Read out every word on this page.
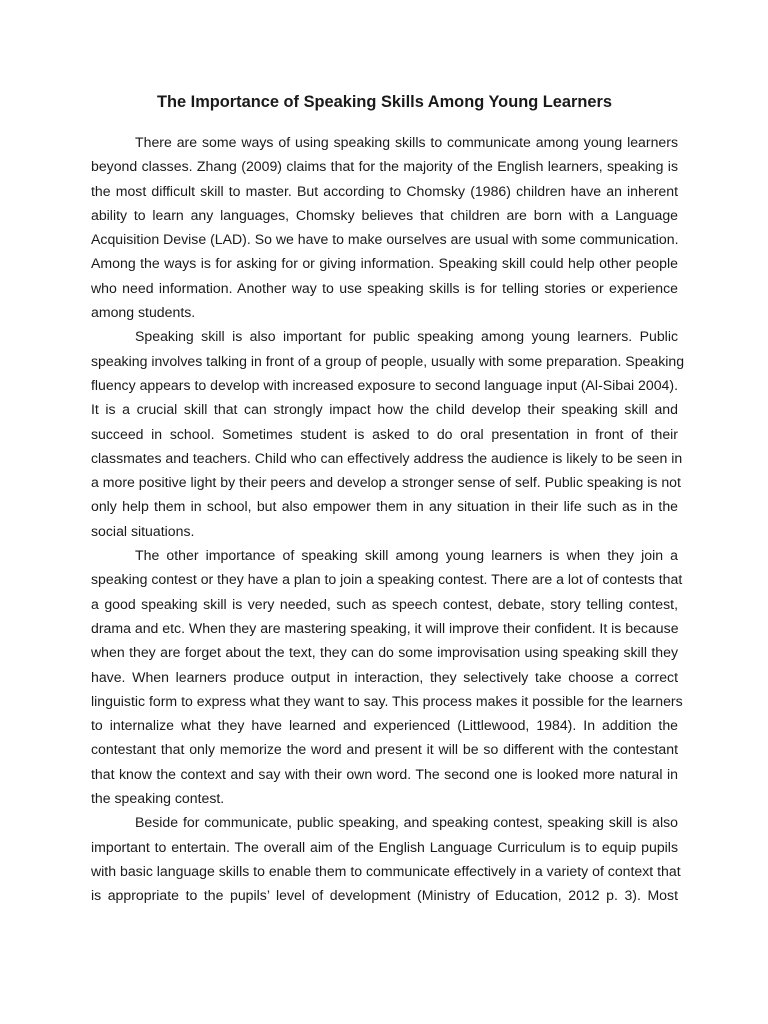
The Importance of Speaking Skills Among Young Learners
There are some ways of using speaking skills to communicate among young learners
beyond classes. Zhang (2009) claims that for the majority of the English learners, speaking is
the most difficult skill to master. But according to Chomsky (1986) children have an inherent
ability to learn any languages, Chomsky believes that children are born with a Language
Acquisition Devise (LAD). So we have to make ourselves are usual with some communication.
Among the ways is for asking for or giving information. Speaking skill could help other people
who need information. Another way to use speaking skills is for telling stories or experience
among students.
Speaking skill is also important for public speaking among young learners. Public
speaking involves talking in front of a group of people, usually with some preparation. Speaking
fluency appears to develop with increased exposure to second language input (Al-Sibai 2004).
It is a crucial skill that can strongly impact how the child develop their speaking skill and
succeed in school. Sometimes student is asked to do oral presentation in front of their
classmates and teachers. Child who can effectively address the audience is likely to be seen in
a more positive light by their peers and develop a stronger sense of self. Public speaking is not
only help them in school, but also empower them in any situation in their life such as in the
social situations.
The other importance of speaking skill among young learners is when they join a
speaking contest or they have a plan to join a speaking contest. There are a lot of contests that
a good speaking skill is very needed, such as speech contest, debate, story telling contest,
drama and etc. When they are mastering speaking, it will improve their confident. It is because
when they are forget about the text, they can do some improvisation using speaking skill they
have. When learners produce output in interaction, they selectively take choose a correct
linguistic form to express what they want to say. This process makes it possible for the learners
to internalize what they have learned and experienced (Littlewood, 1984). In addition the
contestant that only memorize the word and present it will be so different with the contestant
that know the context and say with their own word. The second one is looked more natural in
the speaking contest.
Beside for communicate, public speaking, and speaking contest, speaking skill is also
important to entertain. The overall aim of the English Language Curriculum is to equip pupils
with basic language skills to enable them to communicate effectively in a variety of context that
is appropriate to the pupils’ level of development (Ministry of Education, 2012 p. 3). Most
